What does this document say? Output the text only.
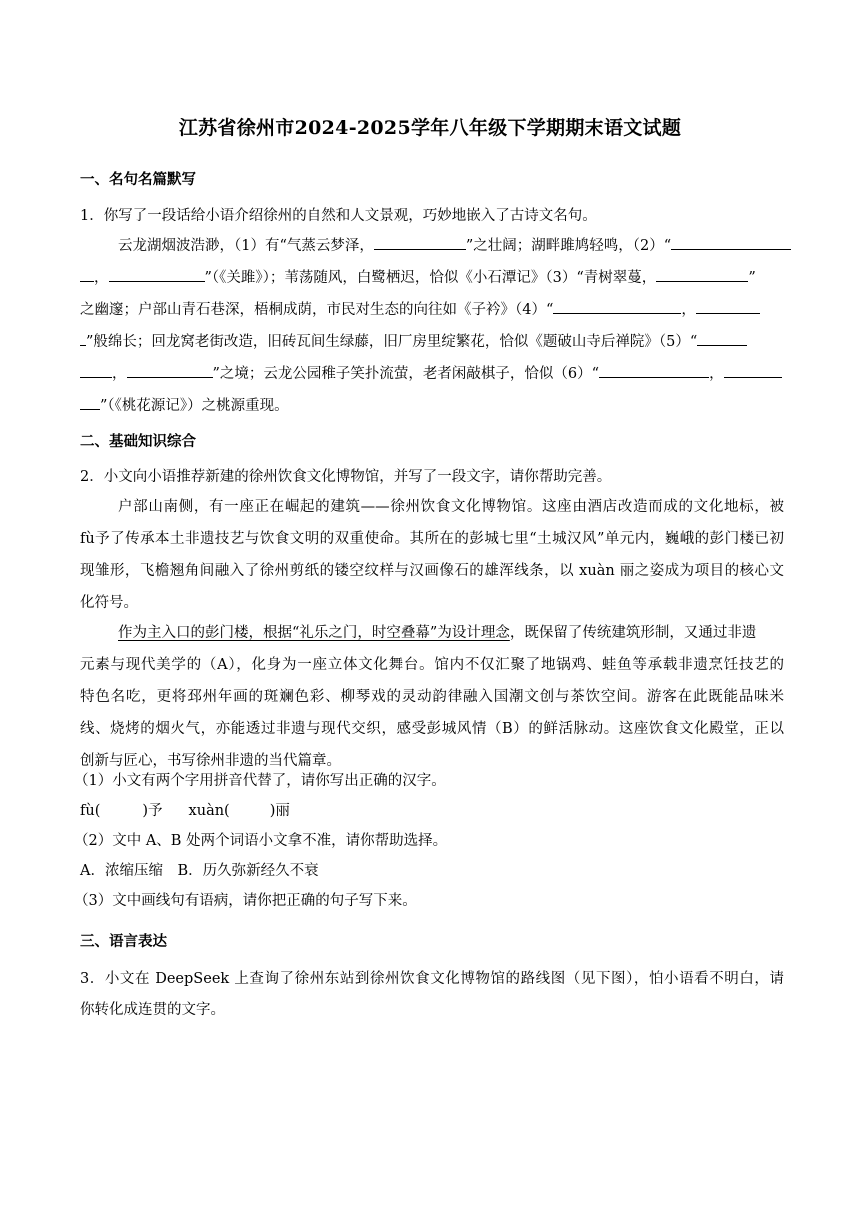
江苏省徐州市2024-2025学年八年级下学期期末语文试题
一、名句名篇默写
1．你写了一段话给小语介绍徐州的自然和人文景观，巧妙地嵌入了古诗文名句。
云龙湖烟波浩渺，（1）有“气蒸云梦泽，	”之壮阔；湖畔雎鸠轻鸣，（2）“
，	”（《关雎》）；苇荡随风，白鹭栖迟，恰似《小石潭记》（3）“青树翠蔓，	”
之幽邃；户部山青石巷深，梧桐成荫，市民对生态的向往如《子衿》（4）“	，
”般绵长；回龙窝老街改造，旧砖瓦间生绿藤，旧厂房里绽繁花，恰似《题破山寺后禅院》（5）“
，	”之境；云龙公园稚子笑扑流萤，老者闲敲棋子，恰似（6）“	，
”（《桃花源记》）之桃源重现。
二、基础知识综合
2．小文向小语推荐新建的徐州饮食文化博物馆，并写了一段文字，请你帮助完善。
户部山南侧，有一座正在崛起的建筑——徐州饮食文化博物馆。这座由酒店改造而成的文化地标，被
fù予了传承本土非遗技艺与饮食文明的双重使命。其所在的彭城七里“土城汉风”单元内，巍峨的彭门楼已初
现雏形，飞檐翘角间融入了徐州剪纸的镂空纹样与汉画像石的雄浑线条，以 xuàn 丽之姿成为项目的核心文
化符号。
作为主入口的彭门楼，根据“礼乐之门，时空叠幕”为设计理念，既保留了传统建筑形制，又通过非遗
元素与现代美学的（A），化身为一座立体文化舞台。馆内不仅汇聚了地锅鸡、蛙鱼等承载非遗烹饪技艺的
特色名吃，更将邳州年画的斑斓色彩、柳琴戏的灵动韵律融入国潮文创与茶饮空间。游客在此既能品味米
线、烧烤的烟火气，亦能透过非遗与现代交织，感受彭城风情（B）的鲜活脉动。这座饮食文化殿堂，正以
创新与匠心，书写徐州非遗的当代篇章。
（1）小文有两个字用拼音代替了，请你写出正确的汉字。
fù(	)予 xuàn(	)丽
（2）文中 A、B 处两个词语小文拿不准，请你帮助选择。
A．浓缩压缩　B．历久弥新经久不衰
（3）文中画线句有语病，请你把正确的句子写下来。
三、语言表达
3．小文在 DeepSeek 上查询了徐州东站到徐州饮食文化博物馆的路线图（见下图），怕小语看不明白，请
你转化成连贯的文字。
